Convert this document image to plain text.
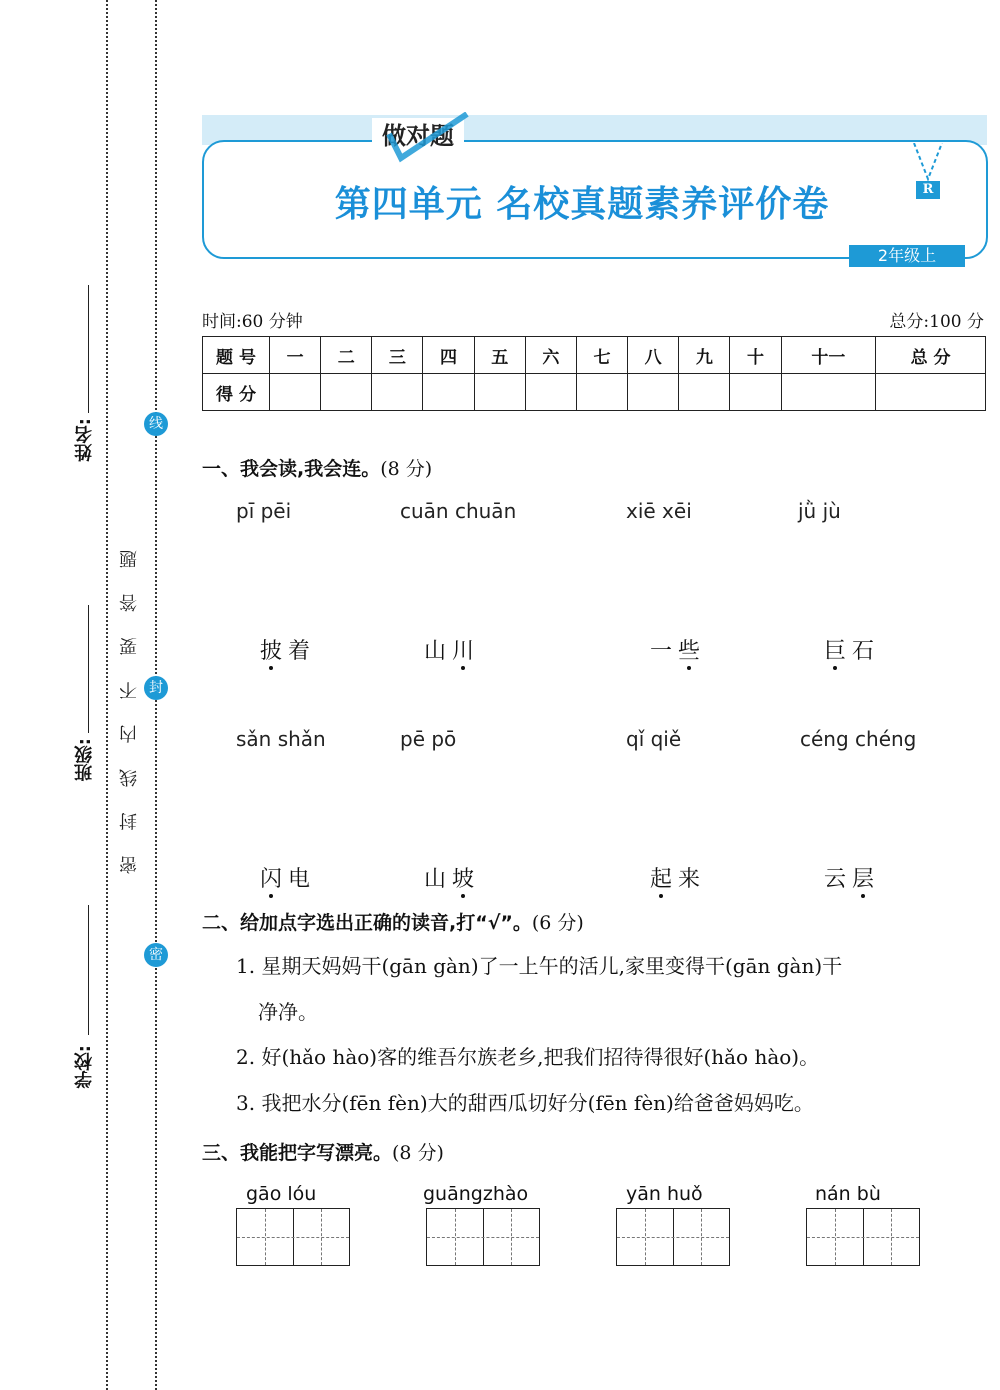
姓名:
班级:
学校:
密 封 线 内 不 要 答 题
线
封
密
做对题
第四单元 名校真题素养评价卷	R
2年级上
时间:60 分钟	总分:100 分
题 号	一	二	三	四	五	六	七	八	九	十	十一	总 分
得 分												
一、我会读,我会连。(8 分)
pī pēi	cuān chuān	xiē xēi	jǜ jù
披着	山川	一些	巨石
sǎn shǎn	pē pō	qǐ qiě	céng chéng
闪电	山坡	起来	云层
二、给加点字选出正确的读音,打“√”。(6 分)
1. 星期天妈妈干(gān gàn)了一上午的活儿,家里变得干(gān gàn)干
净净。
2. 好(hǎo hào)客的维吾尔族老乡,把我们招待得很好(hǎo hào)。
3. 我把水分(fēn fèn)大的甜西瓜切好分(fēn fèn)给爸爸妈妈吃。
三、我能把字写漂亮。(8 分)
gāo lóu	guāngzhào	yān huǒ	nán bù
